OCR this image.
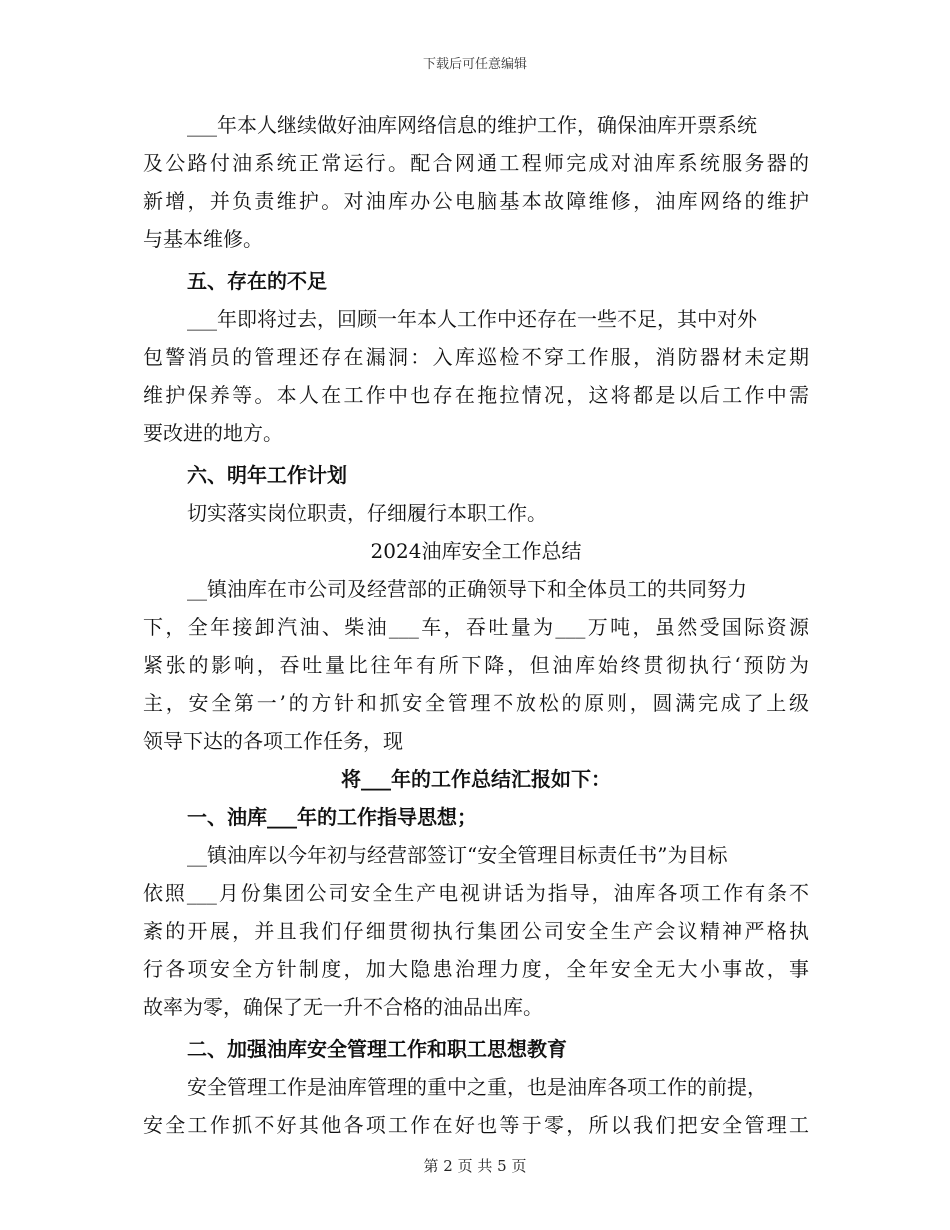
下载后可任意编辑
___年本人继续做好油库网络信息的维护工作，确保油库开票系统
及公路付油系统正常运行。配合网通工程师完成对油库系统服务器的
新增，并负责维护。对油库办公电脑基本故障维修，油库网络的维护
与基本维修。
五、存在的不足
___年即将过去，回顾一年本人工作中还存在一些不足，其中对外
包警消员的管理还存在漏洞：入库巡检不穿工作服，消防器材未定期
维护保养等。本人在工作中也存在拖拉情况，这将都是以后工作中需
要改进的地方。
六、明年工作计划
切实落实岗位职责，仔细履行本职工作。
2024油库安全工作总结
__镇油库在市公司及经营部的正确领导下和全体员工的共同努力
下，全年接卸汽油、柴油___车，吞吐量为___万吨，虽然受国际资源
紧张的影响，吞吐量比往年有所下降，但油库始终贯彻执行‘预防为
主，安全第一’的方针和抓安全管理不放松的原则，圆满完成了上级
领导下达的各项工作任务，现
将___年的工作总结汇报如下：
一、油库___年的工作指导思想；
__镇油库以今年初与经营部签订“安全管理目标责任书”为目标
依照___月份集团公司安全生产电视讲话为指导，油库各项工作有条不
紊的开展，并且我们仔细贯彻执行集团公司安全生产会议精神严格执
行各项安全方针制度，加大隐患治理力度，全年安全无大小事故，事
故率为零，确保了无一升不合格的油品出库。
二、加强油库安全管理工作和职工思想教育
安全管理工作是油库管理的重中之重，也是油库各项工作的前提，
安全工作抓不好其他各项工作在好也等于零，所以我们把安全管理工
第 2 页 共 5 页
